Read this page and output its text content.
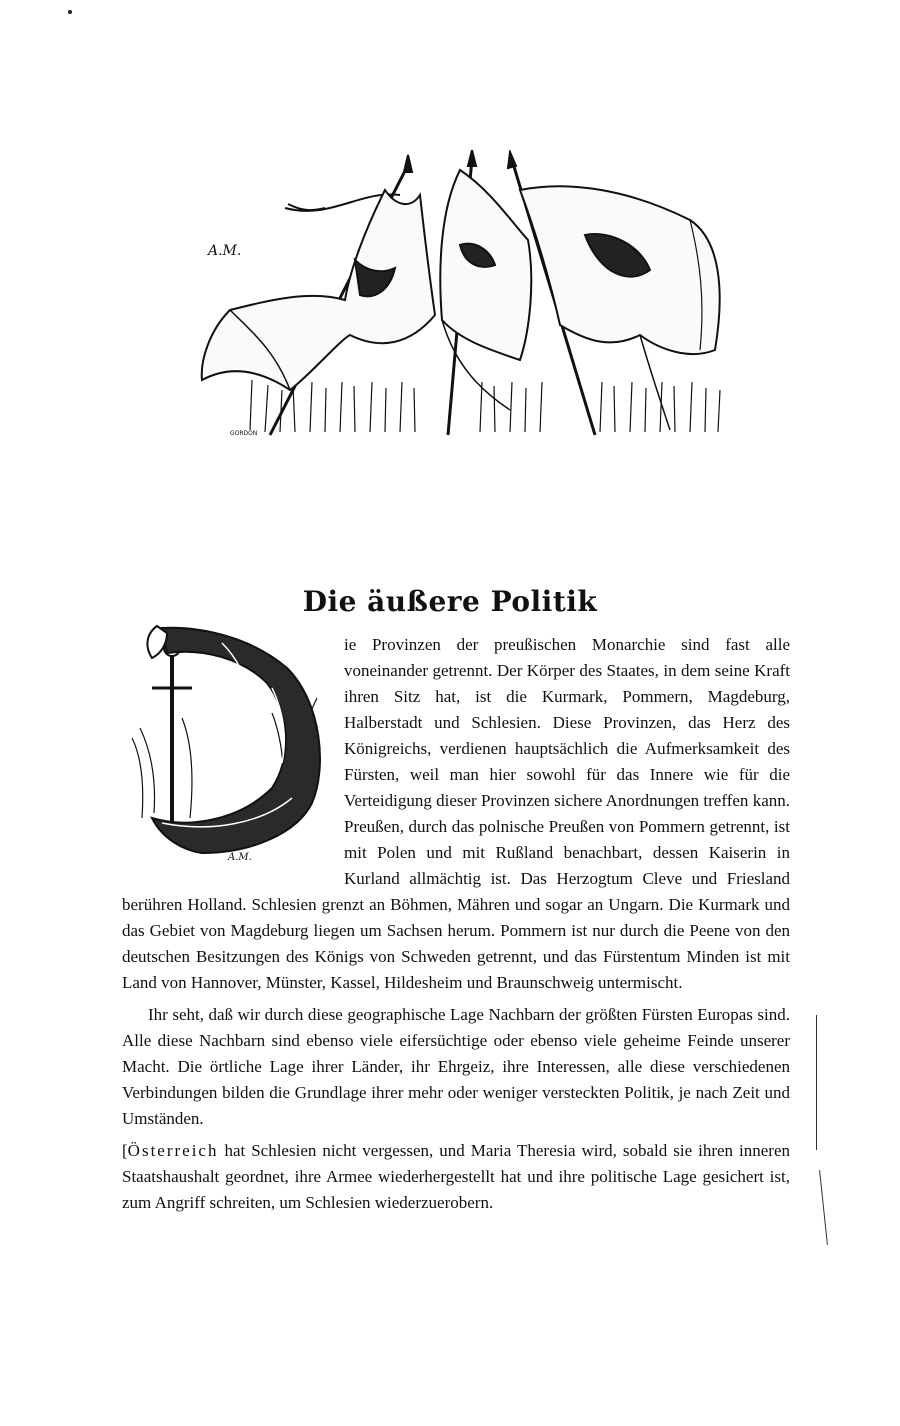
A.M.
GORDON
Die äußere Politik
A.M.

ie Provinzen der preußischen Monarchie sind fast alle voneinander getrennt. Der Körper des Staates, in dem seine Kraft ihren Sitz hat, ist die Kurmark, Pommern, Magdeburg, Halberstadt und Schlesien. Diese Provinzen, das Herz des Königreichs, verdienen hauptsächlich die Aufmerksamkeit des Fürsten, weil man hier sowohl für das Innere wie für die Verteidigung dieser Provinzen sichere Anordnungen treffen kann. Preußen, durch das polnische Preußen von Pommern getrennt, ist mit Polen und mit Rußland benachbart, dessen Kaiserin in Kurland allmächtig ist. Das Herzogtum Cleve und Friesland berühren Holland. Schlesien grenzt an Böhmen, Mähren und sogar an Ungarn. Die Kurmark und das Gebiet von Magdeburg liegen um Sachsen herum. Pommern ist nur durch die Peene von den deutschen Besitzungen des Königs von Schweden getrennt, und das Fürstentum Minden ist mit Land von Hannover, Münster, Kassel, Hildesheim und Braunschweig untermischt.

Ihr seht, daß wir durch diese geographische Lage Nachbarn der größten Fürsten Europas sind. Alle diese Nachbarn sind ebenso viele eifersüchtige oder ebenso viele geheime Feinde unserer Macht. Die örtliche Lage ihrer Länder, ihr Ehrgeiz, ihre Interessen, alle diese verschiedenen Verbindungen bilden die Grundlage ihrer mehr oder weniger versteckten Politik, je nach Zeit und Umständen.

[Österreich hat Schlesien nicht vergessen, und Maria Theresia wird, sobald sie ihren inneren Staatshaushalt geordnet, ihre Armee wiederhergestellt hat und ihre politische Lage gesichert ist, zum Angriff schreiten, um Schlesien wiederzuerobern.
